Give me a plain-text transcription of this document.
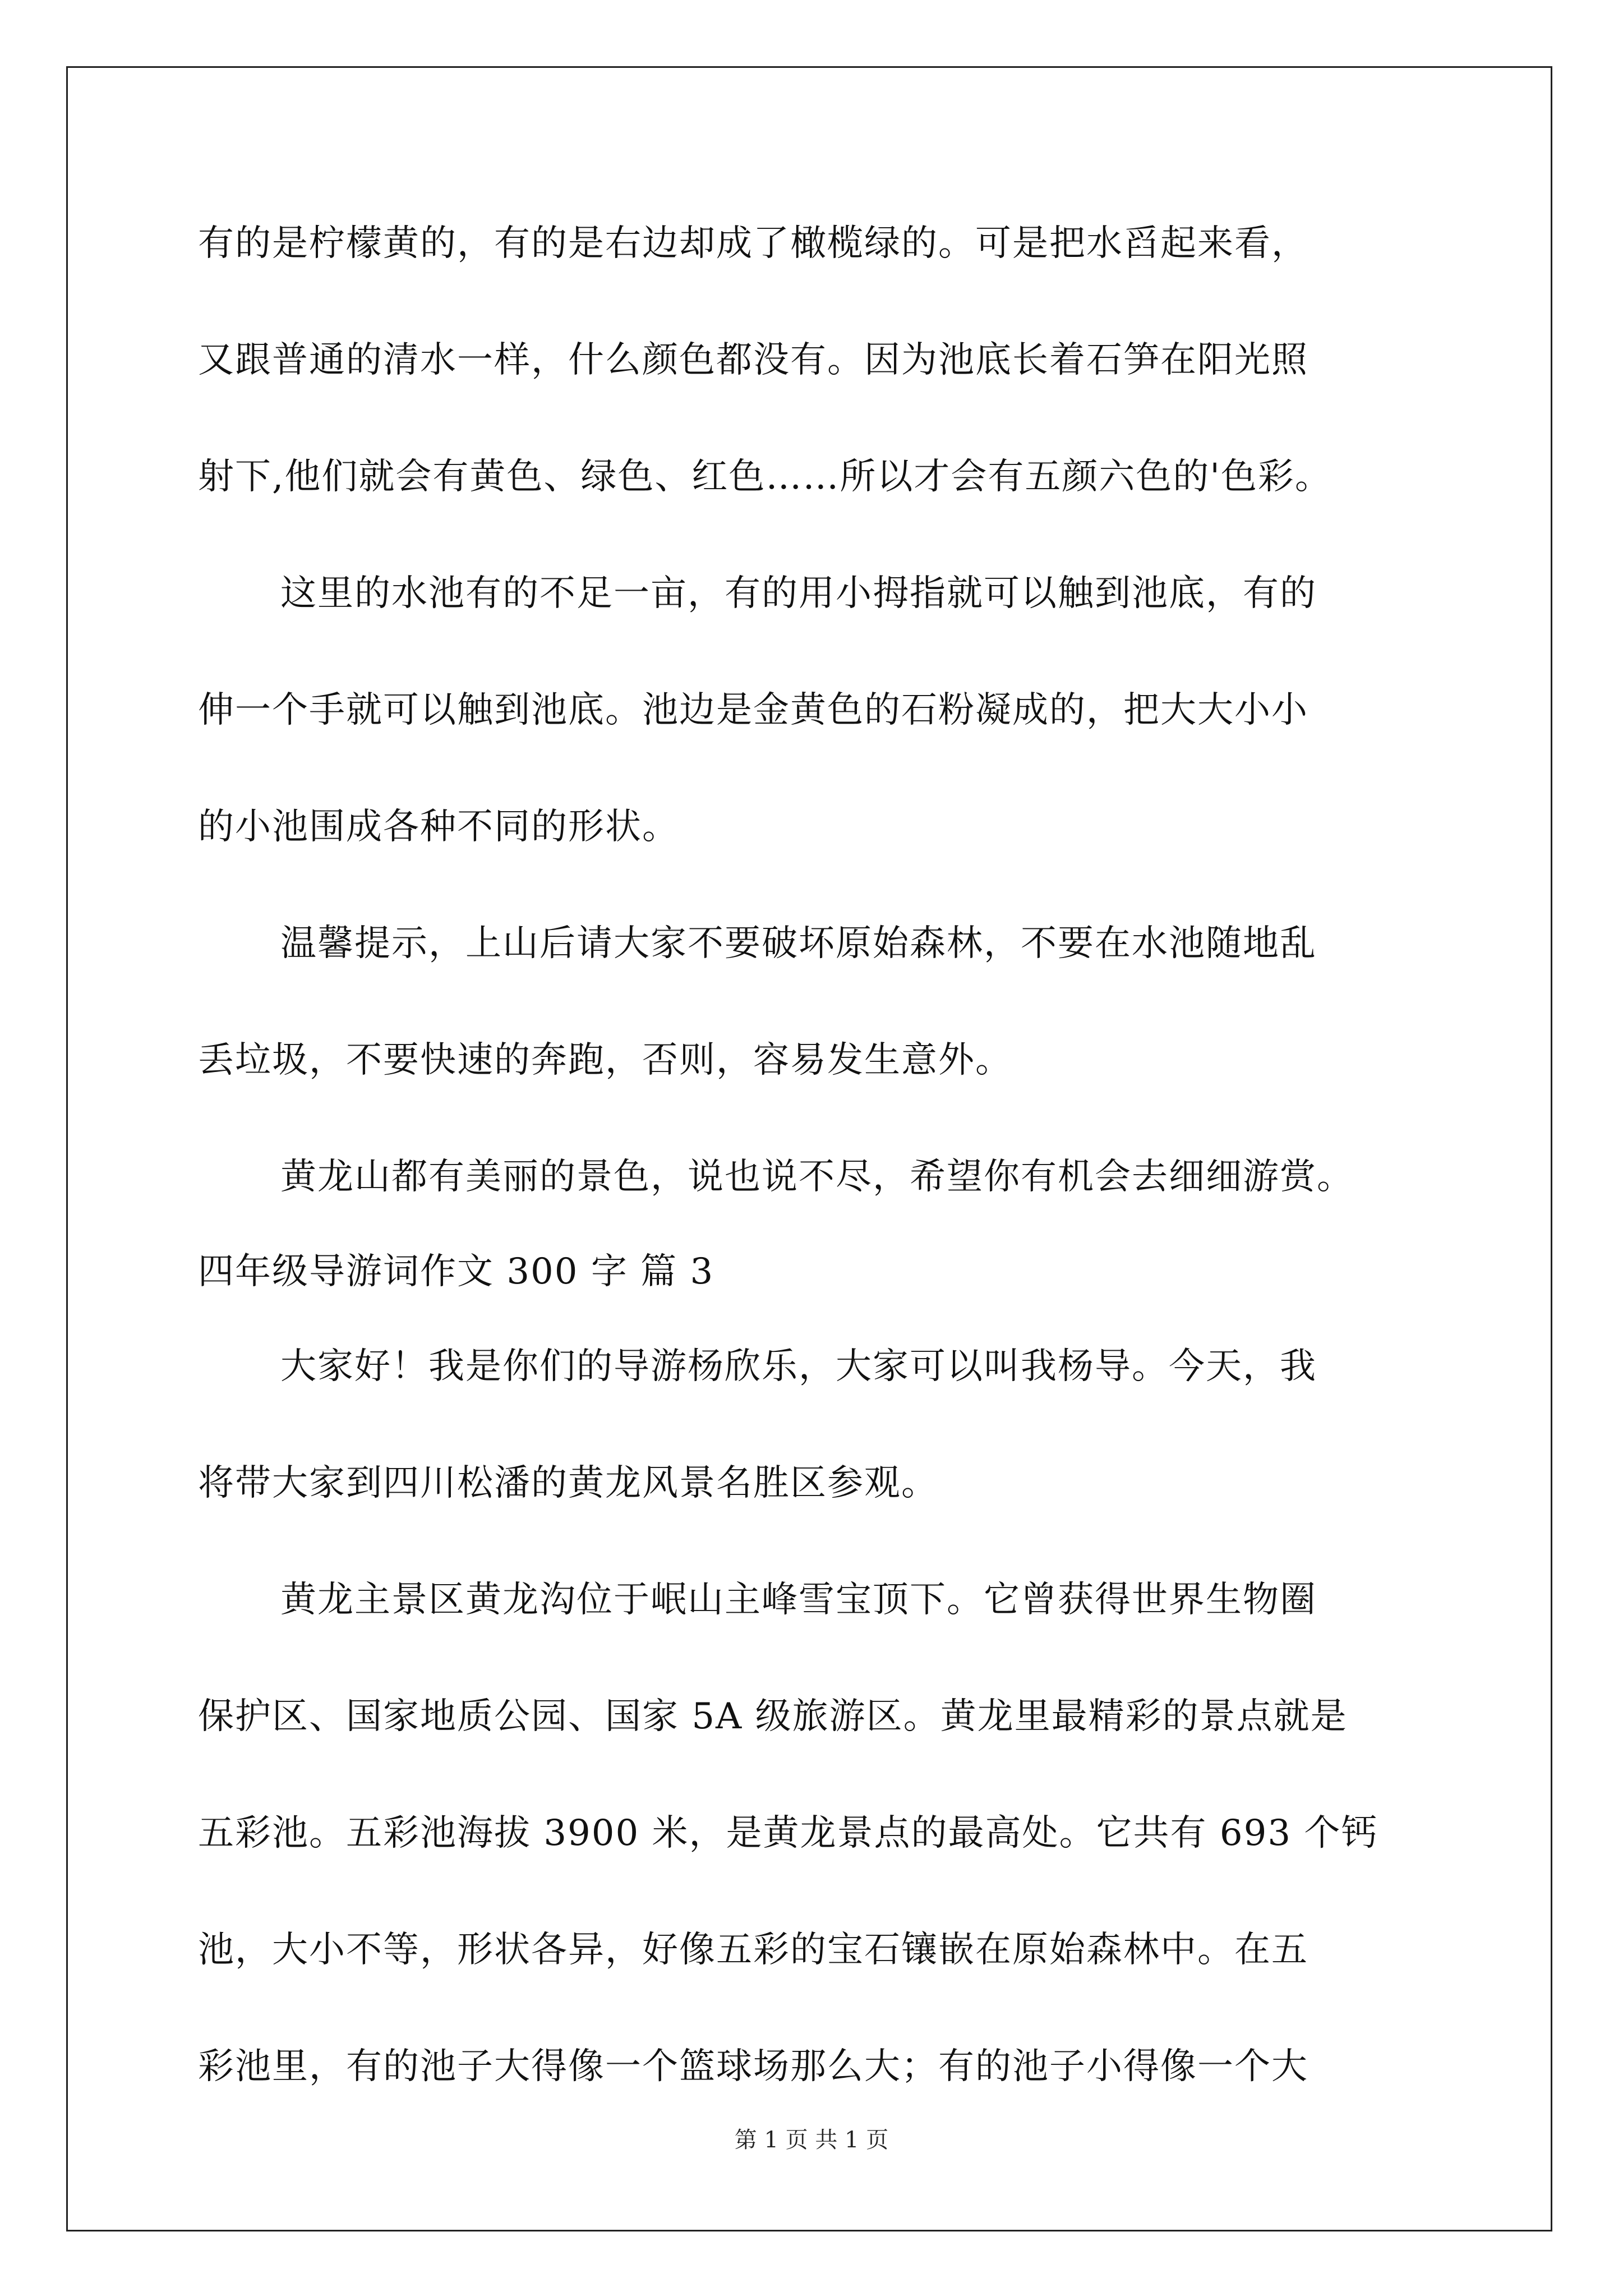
有的是柠檬黄的，有的是右边却成了橄榄绿的。可是把水舀起来看，
又跟普通的清水一样，什么颜色都没有。因为池底长着石笋在阳光照
射下,他们就会有黄色、绿色、红色……所以才会有五颜六色的'色彩。
这里的水池有的不足一亩，有的用小拇指就可以触到池底，有的
伸一个手就可以触到池底。池边是金黄色的石粉凝成的，把大大小小
的小池围成各种不同的形状。
温馨提示，上山后请大家不要破坏原始森林，不要在水池随地乱
丢垃圾，不要快速的奔跑，否则，容易发生意外。
黄龙山都有美丽的景色，说也说不尽，希望你有机会去细细游赏。
四年级导游词作文 300 字 篇 3
大家好！我是你们的导游杨欣乐，大家可以叫我杨导。今天，我
将带大家到四川松潘的黄龙风景名胜区参观。
黄龙主景区黄龙沟位于岷山主峰雪宝顶下。它曾获得世界生物圈
保护区、国家地质公园、国家 5A 级旅游区。黄龙里最精彩的景点就是
五彩池。五彩池海拔 3900 米，是黄龙景点的最高处。它共有 693 个钙
池，大小不等，形状各异，好像五彩的宝石镶嵌在原始森林中。在五
彩池里，有的池子大得像一个篮球场那么大；有的池子小得像一个大
第 1 页 共 1 页
